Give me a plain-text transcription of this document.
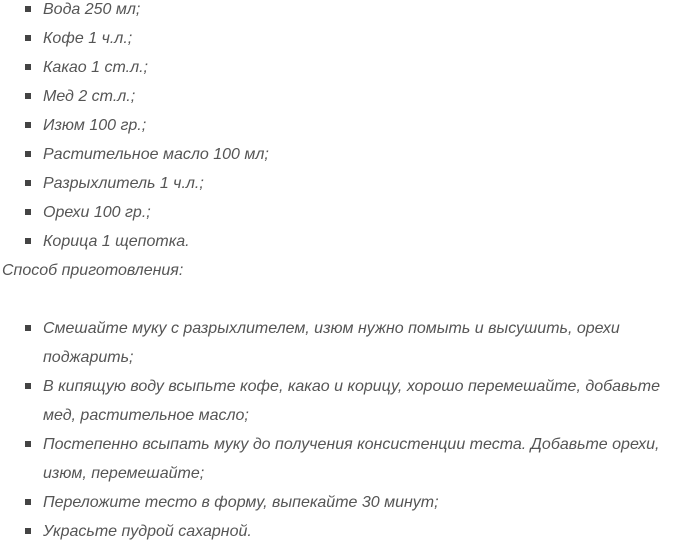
Вода 250 мл;
Кофе 1 ч.л.;
Какао 1 ст.л.;
Мед 2 ст.л.;
Изюм 100 гр.;
Растительное масло 100 мл;
Разрыхлитель 1 ч.л.;
Орехи 100 гр.;
Корица 1 щепотка.
Способ приготовления:
Смешайте муку с разрыхлителем, изюм нужно помыть и высушить, орехи поджарить;
В кипящую воду всыпьте кофе, какао и корицу, хорошо перемешайте, добавьте мед, растительное масло;
Постепенно всыпать муку до получения консистенции теста. Добавьте орехи, изюм, перемешайте;
Переложите тесто в форму, выпекайте 30 минут;
Украсьте пудрой сахарной.
